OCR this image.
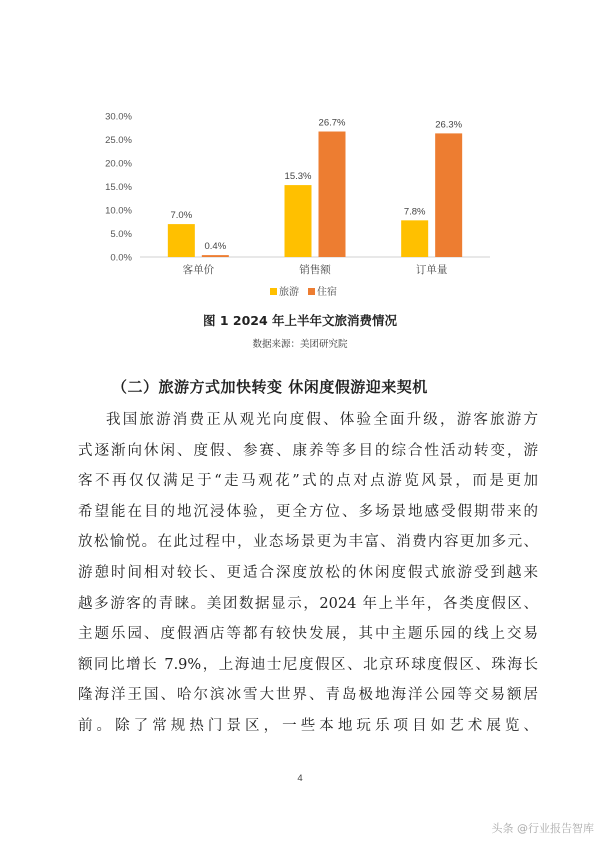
0.0%
5.0%
10.0%
15.0%
20.0%
25.0%
30.0%
7.0%
0.4%
15.3%
26.7%
7.8%
26.3%
客单价	销售额	订单量
旅游 住宿
图 1 2024 年上半年文旅消费情况
数据来源：美团研究院
（二）旅游方式加快转变 休闲度假游迎来契机
我国旅游消费正从观光向度假、体验全面升级，游客旅游方
式逐渐向休闲、度假、参赛、康养等多目的综合性活动转变，游
客不再仅仅满足于“走马观花”式的点对点游览风景，而是更加
希望能在目的地沉浸体验，更全方位、多场景地感受假期带来的
放松愉悦。在此过程中，业态场景更为丰富、消费内容更加多元、
游憩时间相对较长、更适合深度放松的休闲度假式旅游受到越来
越多游客的青睐。美团数据显示，2024 年上半年，各类度假区、
主题乐园、度假酒店等都有较快发展，其中主题乐园的线上交易
额同比增长 7.9%，上海迪士尼度假区、北京环球度假区、珠海长
隆海洋王国、哈尔滨冰雪大世界、青岛极地海洋公园等交易额居
前。除了常规热门景区，一些本地玩乐项目如艺术展览、
4
头条 @行业报告智库
